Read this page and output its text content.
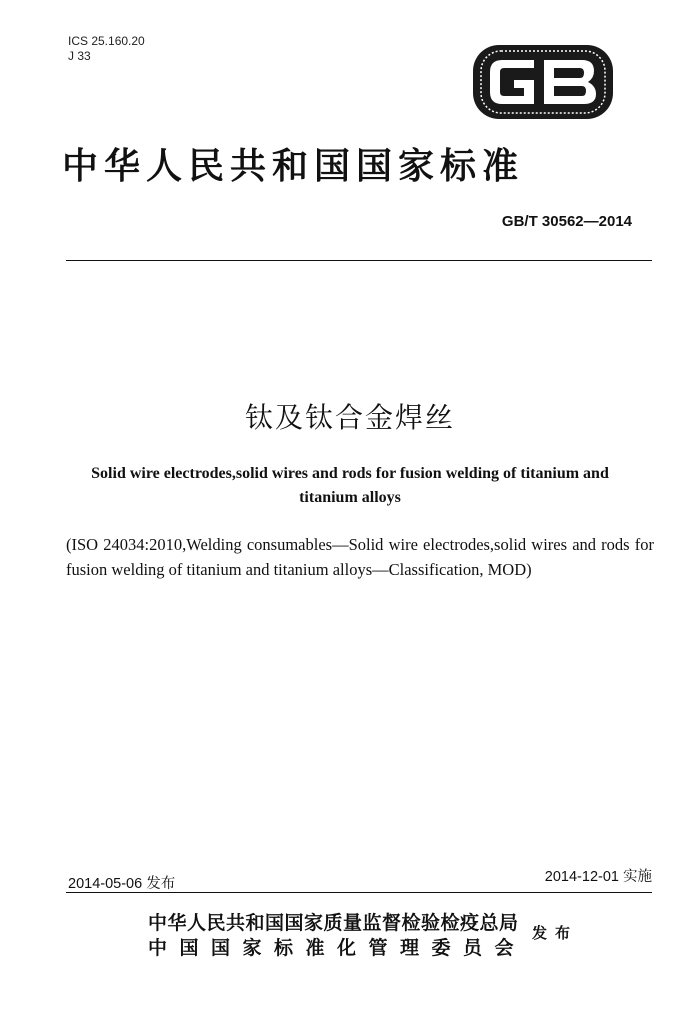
ICS 25.160.20
J 33
GB
中华人民共和国国家标准
GB/T 30562—2014
钛及钛合金焊丝
Solid wire electrodes,solid wires and rods for fusion welding of titanium and
titanium alloys
(ISO 24034:2010,Welding consumables—Solid wire electrodes,solid wires and rods for fusion welding of titanium and titanium alloys—Classification, MOD)
2014-05-06 发布	2014-12-01 实施
中华人民共和国国家质量监督检验检疫总局
中国国家标准化管理委员会
发布
